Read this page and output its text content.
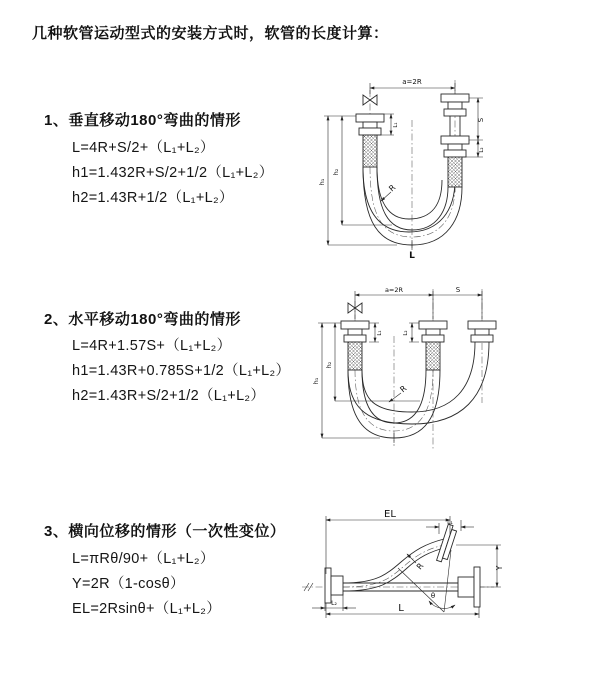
几种软管运动型式的安装方式时，软管的长度计算：
1、垂直移动180°弯曲的情形
L=4R+S/2+（L₁+L₂）
h1=1.432R+S/2+1/2（L₁+L₂）
h2=1.43R+1/2（L₁+L₂）
2、水平移动180°弯曲的情形
L=4R+1.57S+（L₁+L₂）
h1=1.43R+0.785S+1/2（L₁+L₂）
h2=1.43R+S/2+1/2（L₁+L₂）
3、横向位移的情形（一次性变位）
L=πRθ/90+（L₁+L₂）
Y=2R（1-cosθ）
EL=2Rsinθ+（L₁+L₂）
a=2R
h₁
h₂
L₁
S
L₂
R
L
a=2R	S
h₁
h₂
L₁	L₂
R
θ
EL
L₁
Y
R
L₂	L
